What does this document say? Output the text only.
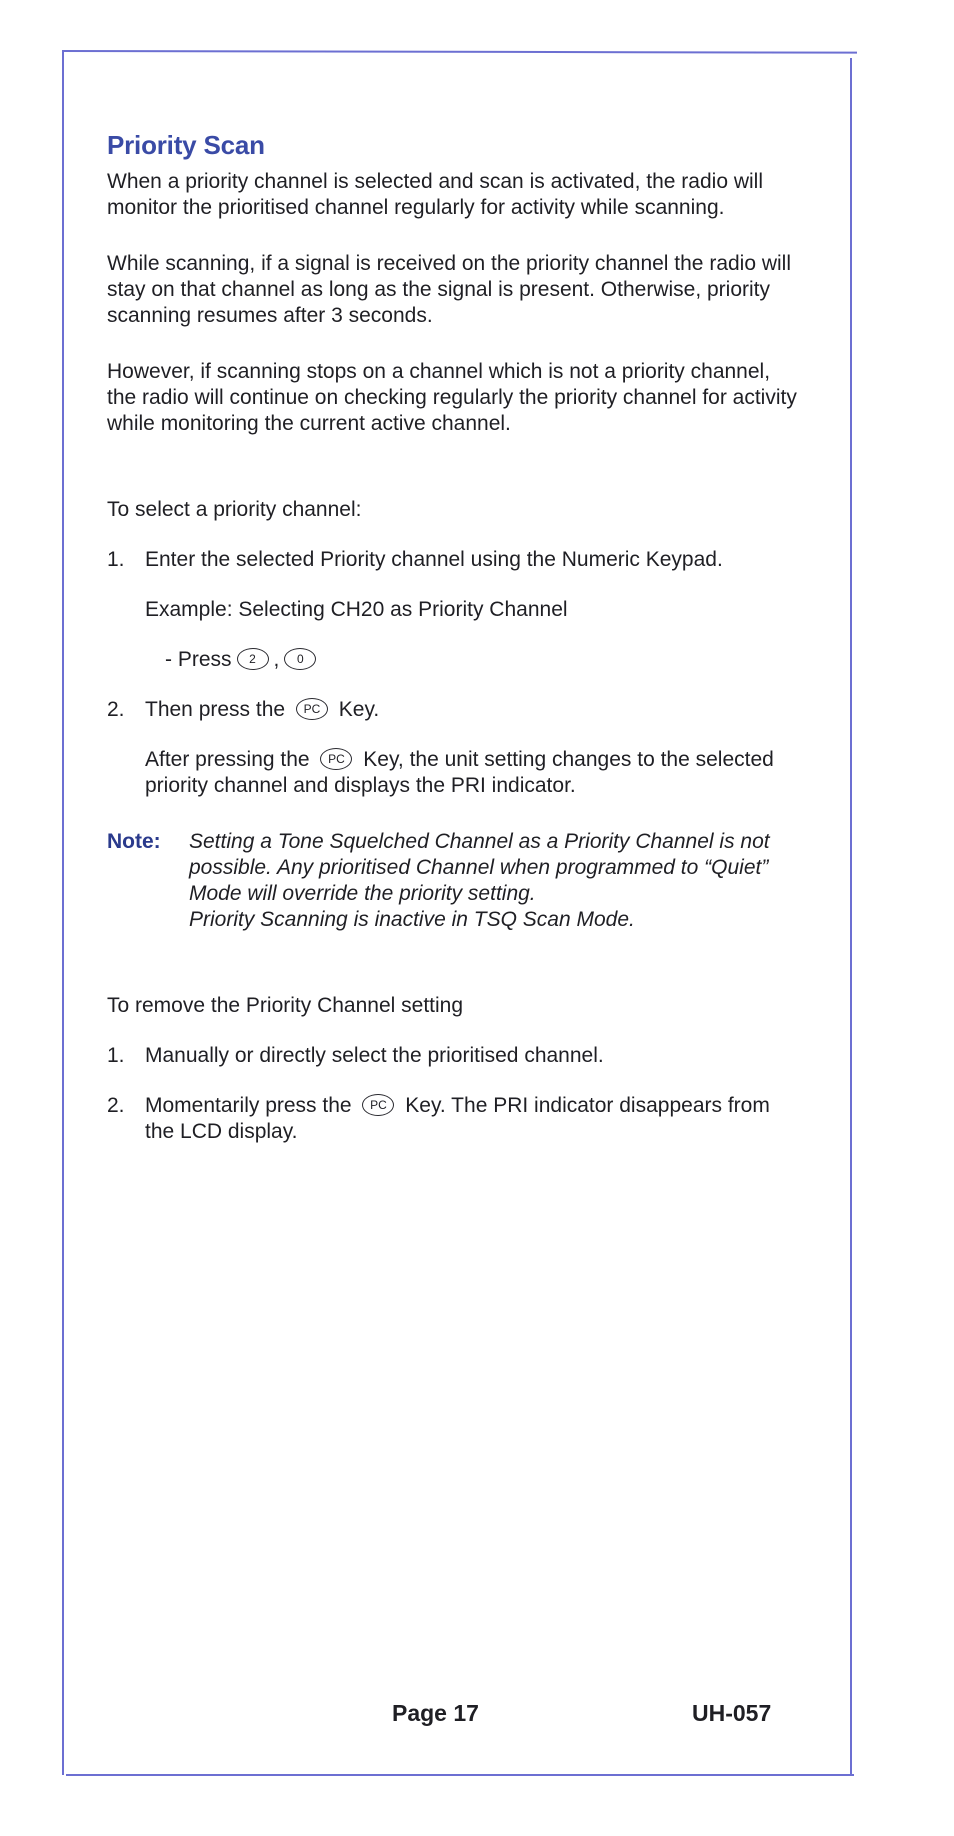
Priority Scan

When a priority channel is selected and scan is activated, the radio will monitor the prioritised channel regularly for activity while scanning.

While scanning, if a signal is received on the priority channel the radio will stay on that channel as long as the signal is present. Otherwise, priority scanning resumes after 3 seconds.

However, if scanning stops on a channel which is not a priority channel, the radio will continue on checking regularly the priority channel for activity while monitoring the current active channel.

To select a priority channel:

1. Enter the selected Priority channel using the Numeric Keypad.

Example: Selecting CH20 as Priority Channel

- Press	2 ,	0
2. Then press the PC Key.

After pressing the PC Key, the unit setting changes to the selected priority channel and displays the PRI indicator.

Note:	Setting a Tone Squelched Channel as a Priority Channel is not possible. Any prioritised Channel when programmed to “Quiet” Mode will override the priority setting.

Priority Scanning is inactive in TSQ Scan Mode.

To remove the Priority Channel setting

1. Manually or directly select the prioritised channel.

2. Momentarily press the PC Key. The PRI indicator disappears from the LCD display.

Page 17	UH-057
